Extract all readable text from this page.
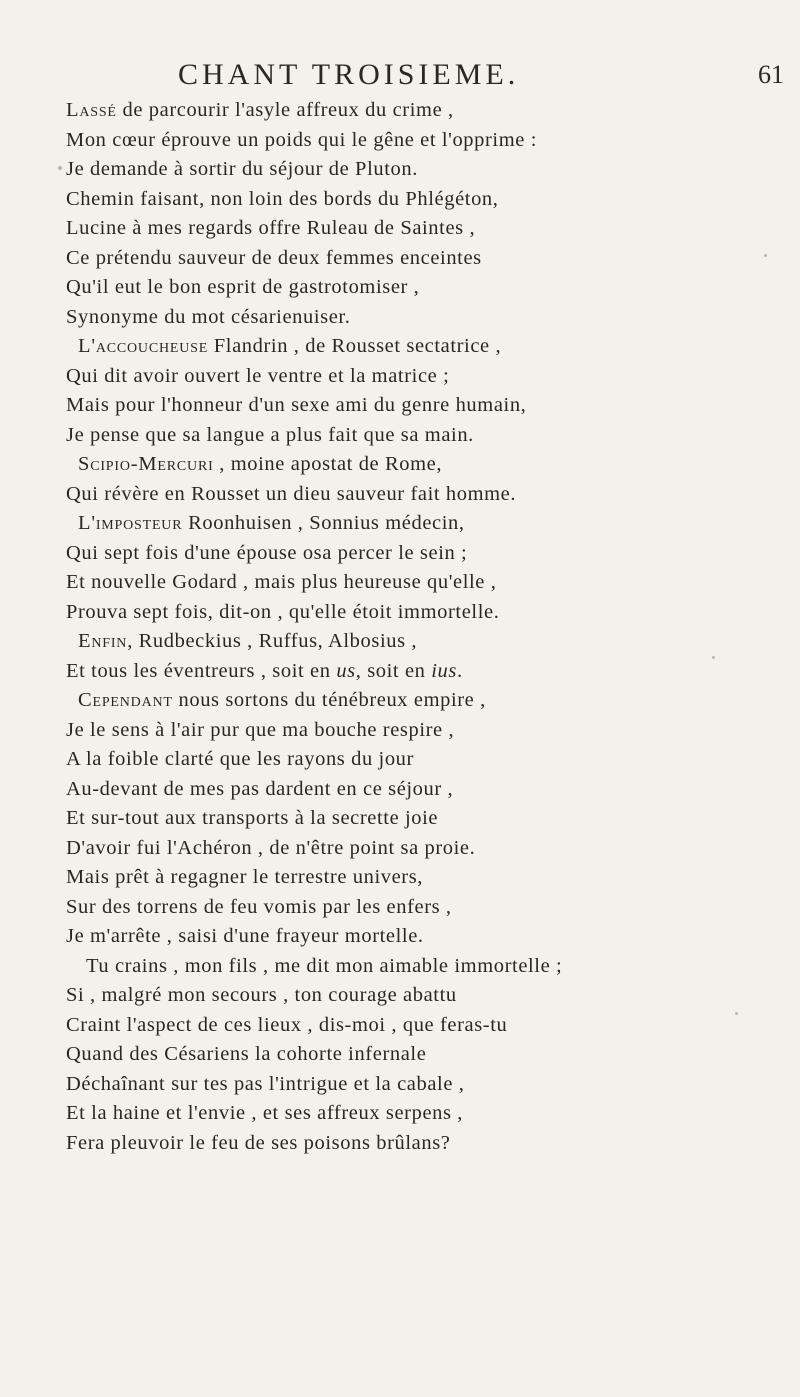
CHANT TROISIEME.	61
Lassé de parcourir l'asyle affreux du crime ,
Mon cœur éprouve un poids qui le gêne et l'opprime :
Je demande à sortir du séjour de Pluton.
Chemin faisant, non loin des bords du Phlégéton,
Lucine à mes regards offre Ruleau de Saintes ,
Ce prétendu sauveur de deux femmes enceintes
Qu'il eut le bon esprit de gastrotomiser ,
Synonyme du mot césarienuiser.
L'accoucheuse Flandrin , de Rousset sectatrice ,
Qui dit avoir ouvert le ventre et la matrice ;
Mais pour l'honneur d'un sexe ami du genre humain,
Je pense que sa langue a plus fait que sa main.
Scipio-Mercuri , moine apostat de Rome,
Qui révère en Rousset un dieu sauveur fait homme.
L'imposteur Roonhuisen , Sonnius médecin,
Qui sept fois d'une épouse osa percer le sein ;
Et nouvelle Godard , mais plus heureuse qu'elle ,
Prouva sept fois, dit-on , qu'elle étoit immortelle.
Enfin, Rudbeckius , Ruffus, Albosius ,
Et tous les éventreurs , soit en us, soit en ius.
Cependant nous sortons du ténébreux empire ,
Je le sens à l'air pur que ma bouche respire ,
A la foible clarté que les rayons du jour
Au-devant de mes pas dardent en ce séjour ,
Et sur-tout aux transports à la secrette joie
D'avoir fui l'Achéron , de n'être point sa proie.
Mais prêt à regagner le terrestre univers,
Sur des torrens de feu vomis par les enfers ,
Je m'arrête , saisi d'une frayeur mortelle.
Tu crains , mon fils , me dit mon aimable immortelle ;
Si , malgré mon secours , ton courage abattu
Craint l'aspect de ces lieux , dis-moi , que feras-tu
Quand des Césariens la cohorte infernale
Déchaînant sur tes pas l'intrigue et la cabale ,
Et la haine et l'envie , et ses affreux serpens ,
Fera pleuvoir le feu de ses poisons brûlans?
